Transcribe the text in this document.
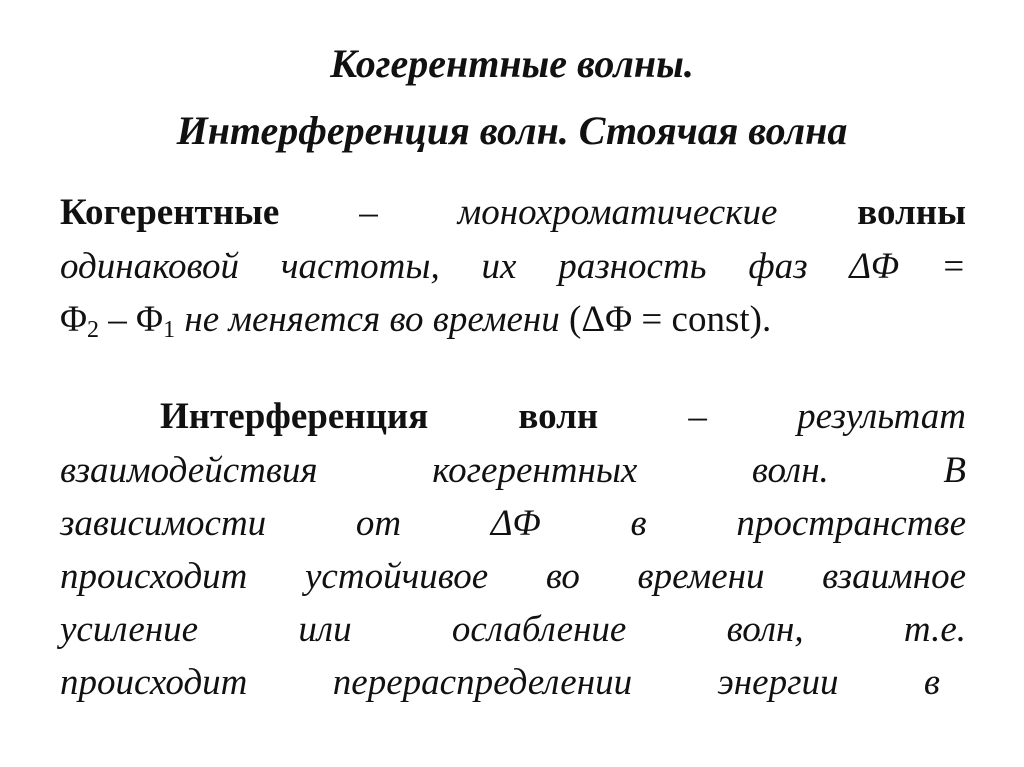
Когерентные волны.
Интерференция волн. Стоячая волна
Когерентные – монохроматические волны
одинаковой частоты, их разность фаз ΔΦ =
$\Phi_2 - \Phi_1$ не меняется во времени (ΔΦ = const).
Интерференция волн – результат
взаимодействия когерентных волн. В
зависимости от ΔΦ в пространстве
происходит устойчивое во времени взаимное
усиление или ослабление волн, т.е.
происходит перераспределении энергии в
